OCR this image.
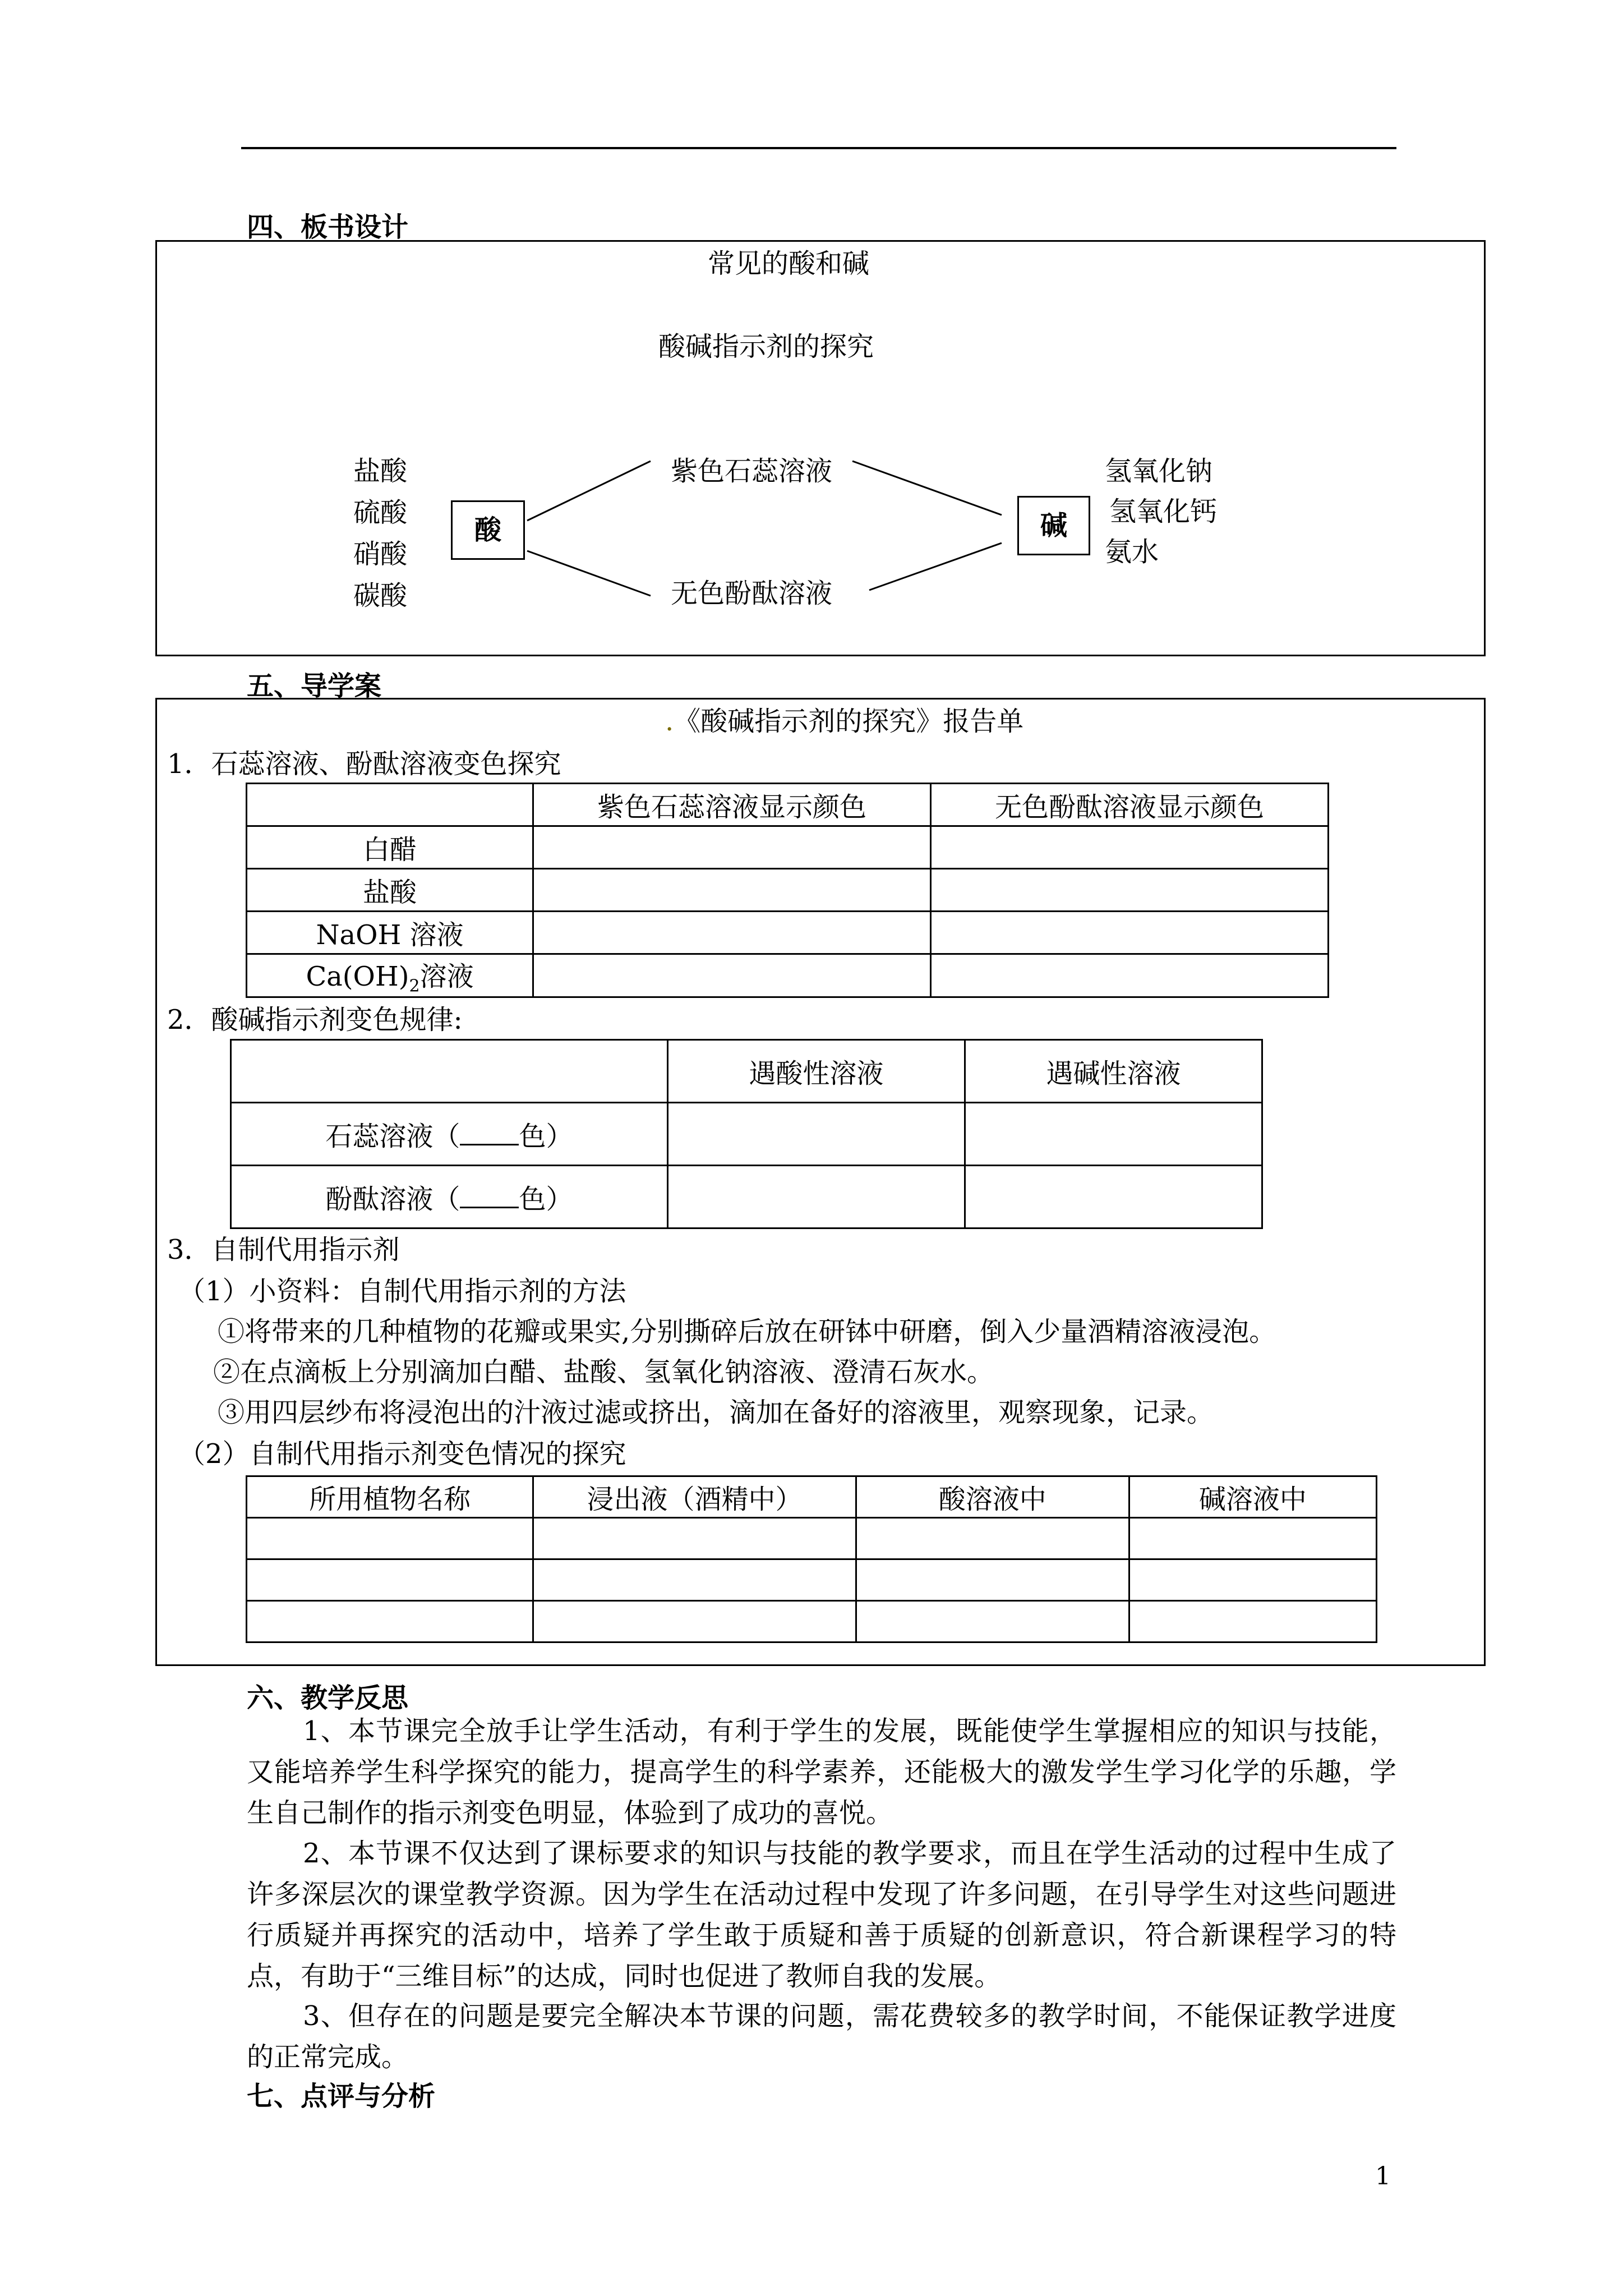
四、板书设计
常见的酸和碱
酸碱指示剂的探究
盐酸
硫酸
硝酸
碳酸
酸	碱
紫色石蕊溶液
无色酚酞溶液
氢氧化钠
氢氧化钙
氨水
五、导学案
.《酸碱指示剂的探究》报告单
1．石蕊溶液、酚酞溶液变色探究
	紫色石蕊溶液显示颜色	无色酚酞溶液显示颜色
白醋		
盐酸		
NaOH 溶液		
$Ca(OH)_2$溶液		
2．酸碱指示剂变色规律:
	遇酸性溶液	遇碱性溶液
石蕊溶液（ 色）		
酚酞溶液（ 色）		
3．自制代用指示剂
（1）小资料：自制代用指示剂的方法
①将带来的几种植物的花瓣或果实,分别撕碎后放在研钵中研磨，倒入少量酒精溶液浸泡。
②在点滴板上分别滴加白醋、盐酸、氢氧化钠溶液、澄清石灰水。
③用四层纱布将浸泡出的汁液过滤或挤出，滴加在备好的溶液里，观察现象，记录。
（2）自制代用指示剂变色情况的探究
所用植物名称	浸出液（酒精中）	酸溶液中	碱溶液中

六、教学反思
1、本节课完全放手让学生活动，有利于学生的发展，既能使学生掌握相应的知识与技能，又能培养学生科学探究的能力，提高学生的科学素养，还能极大的激发学生学习化学的乐趣，学生自己制作的指示剂变色明显，体验到了成功的喜悦。
2、本节课不仅达到了课标要求的知识与技能的教学要求，而且在学生活动的过程中生成了许多深层次的课堂教学资源。因为学生在活动过程中发现了许多问题，在引导学生对这些问题进行质疑并再探究的活动中，培养了学生敢于质疑和善于质疑的创新意识，符合新课程学习的特点，有助于“三维目标”的达成，同时也促进了教师自我的发展。
3、但存在的问题是要完全解决本节课的问题，需花费较多的教学时间，不能保证教学进度的正常完成。
七、点评与分析
1
